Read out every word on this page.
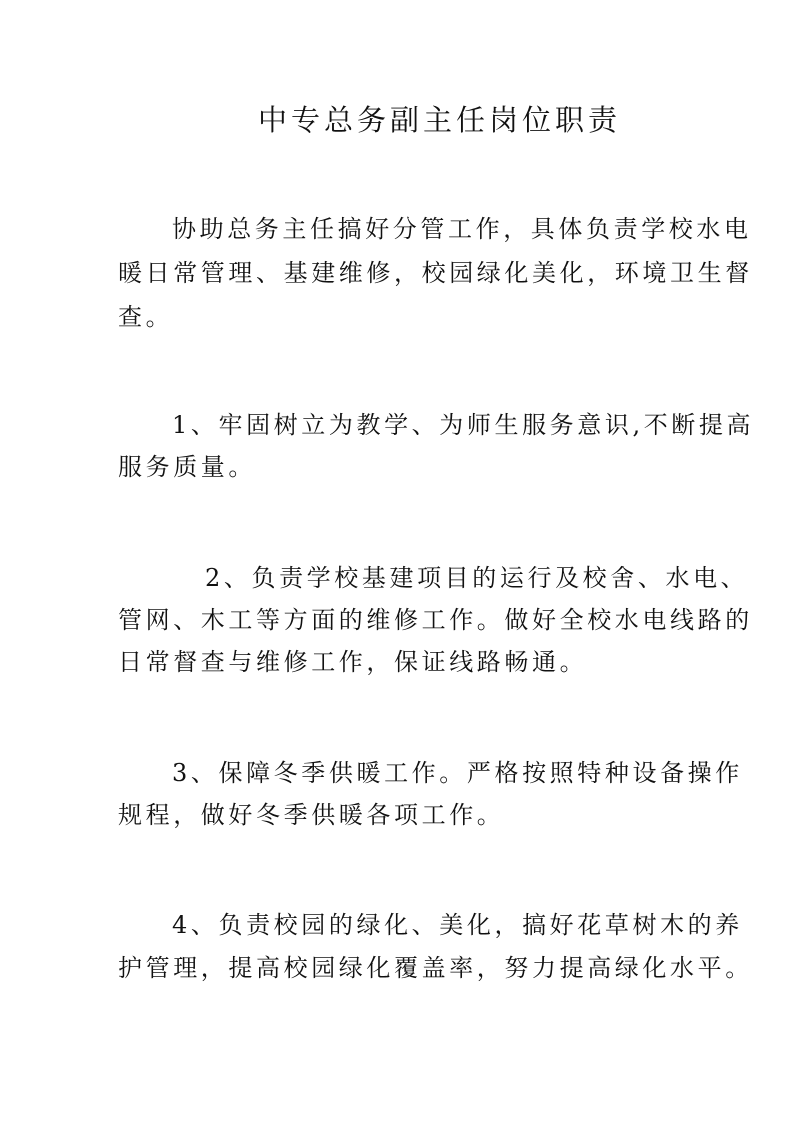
中专总务副主任岗位职责
协助总务主任搞好分管工作，具体负责学校水电
暖日常管理、基建维修，校园绿化美化，环境卫生督
查。
1、牢固树立为教学、为师生服务意识,不断提高
服务质量。
2、负责学校基建项目的运行及校舍、水电、
管网、木工等方面的维修工作。做好全校水电线路的
日常督查与维修工作，保证线路畅通。
3、保障冬季供暖工作。严格按照特种设备操作
规程，做好冬季供暖各项工作。
4、负责校园的绿化、美化，搞好花草树木的养
护管理，提高校园绿化覆盖率，努力提高绿化水平。
